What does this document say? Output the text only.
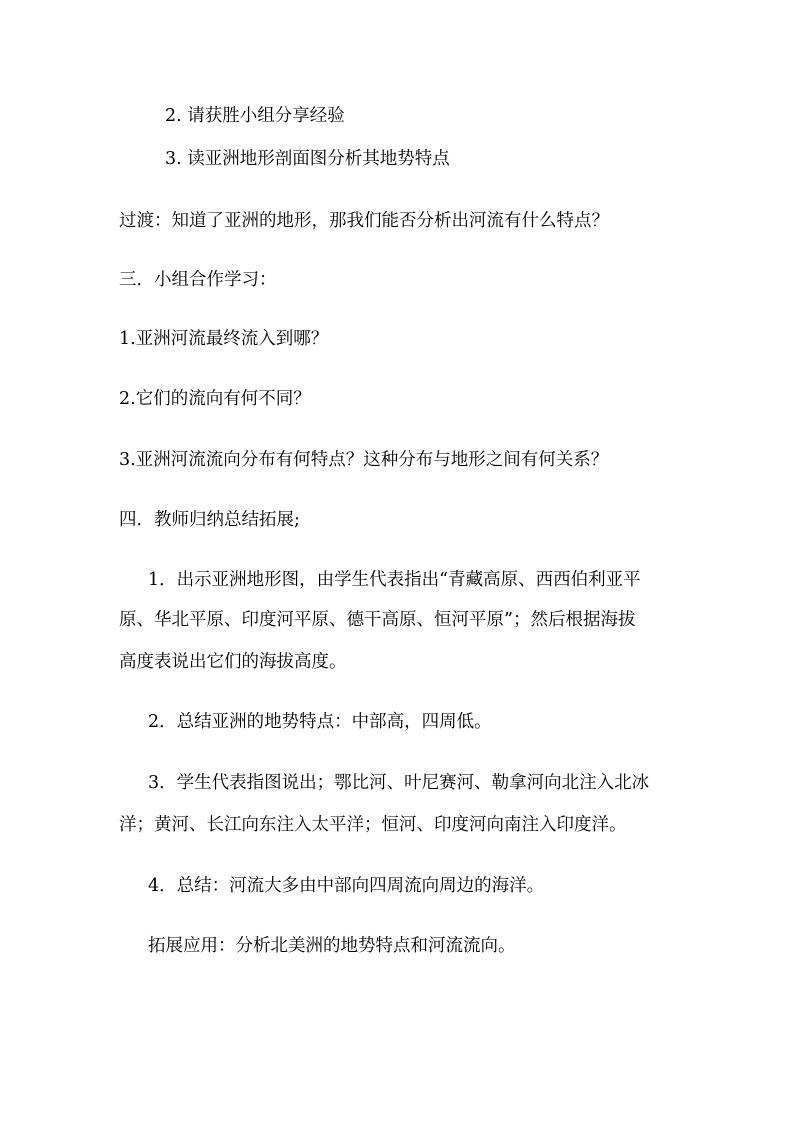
2. 请获胜小组分享经验
3. 读亚洲地形剖面图分析其地势特点
过渡：知道了亚洲的地形，那我们能否分析出河流有什么特点？
三．小组合作学习：
1.亚洲河流最终流入到哪？
2.它们的流向有何不同？
3.亚洲河流流向分布有何特点？这种分布与地形之间有何关系？
四．教师归纳总结拓展;
1．出示亚洲地形图，由学生代表指出“青藏高原、西西伯利亚平
原、华北平原、印度河平原、德干高原、恒河平原”；然后根据海拔
高度表说出它们的海拔高度。
2．总结亚洲的地势特点：中部高，四周低。
3．学生代表指图说出；鄂比河、叶尼赛河、勒拿河向北注入北冰
洋；黄河、长江向东注入太平洋；恒河、印度河向南注入印度洋。
4．总结：河流大多由中部向四周流向周边的海洋。
拓展应用：分析北美洲的地势特点和河流流向。
